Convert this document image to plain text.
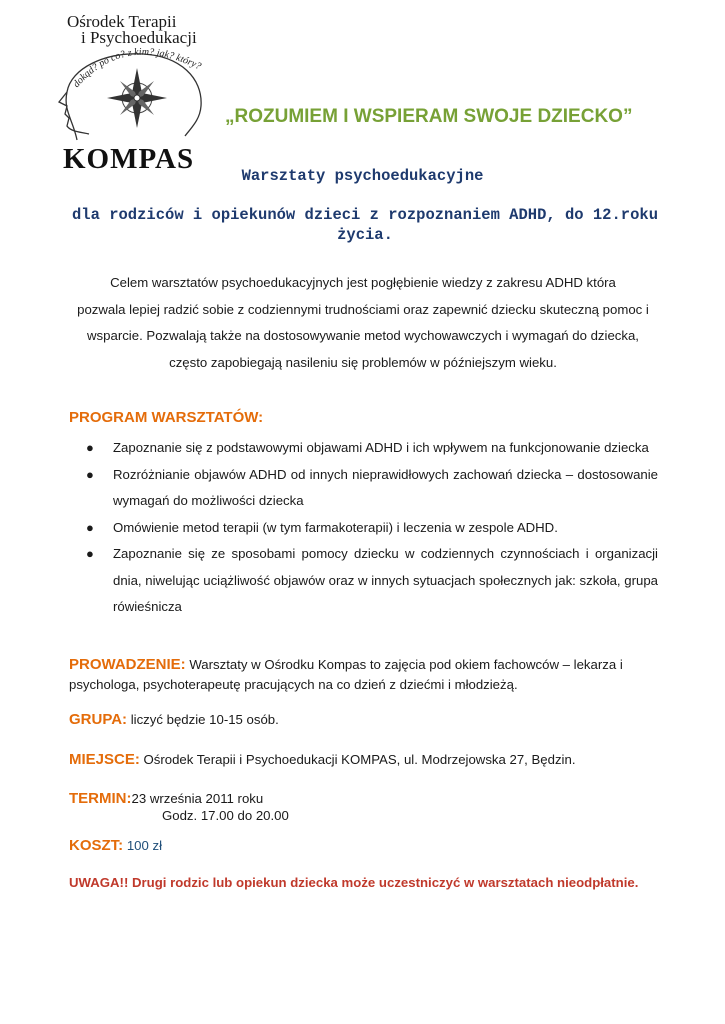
Ośrodek Terapii
i Psychoedukacji
dokąd? po co? z kim? jak? który?
KOMPAS
„ROZUMIEM I WSPIERAM SWOJE DZIECKO”
Warsztaty psychoedukacyjne
dla rodziców i opiekunów dzieci z rozpoznaniem ADHD, do 12.roku życia.

Celem warsztatów psychoedukacyjnych jest pogłębienie wiedzy z zakresu ADHD która

pozwala lepiej radzić sobie z codziennymi trudnościami oraz zapewnić dziecku skuteczną pomoc i

wsparcie. Pozwalają także na dostosowywanie metod wychowawczych i wymagań do dziecka,

często zapobiegają nasileniu się problemów w późniejszym wieku.

PROGRAM WARSZTATÓW:
● Zapoznanie się z podstawowymi objawami ADHD i ich wpływem na funkcjonowanie dziecka
● Rozróżnianie objawów ADHD od innych nieprawidłowych zachowań dziecka – dostosowanie wymagań do możliwości dziecka
● Omówienie metod terapii (w tym farmakoterapii) i leczenia w zespole ADHD.
● Zapoznanie się ze sposobami pomocy dziecku w codziennych czynnościach i organizacji dnia, niwelując uciążliwość objawów oraz w innych sytuacjach społecznych jak: szkoła, grupa rówieśnicza
PROWADZENIE: Warsztaty w Ośrodku Kompas to zajęcia pod okiem fachowców – lekarza i psychologa, psychoterapeutę pracujących na co dzień z dziećmi i młodzieżą.
GRUPA: liczyć będzie 10-15 osób.
MIEJSCE: Ośrodek Terapii i Psychoedukacji KOMPAS, ul. Modrzejowska 27, Będzin.
TERMIN:23 września 2011 roku
Godz. 17.00 do 20.00
KOSZT: 100 zł
UWAGA!! Drugi rodzic lub opiekun dziecka może uczestniczyć w warsztatach nieodpłatnie.
